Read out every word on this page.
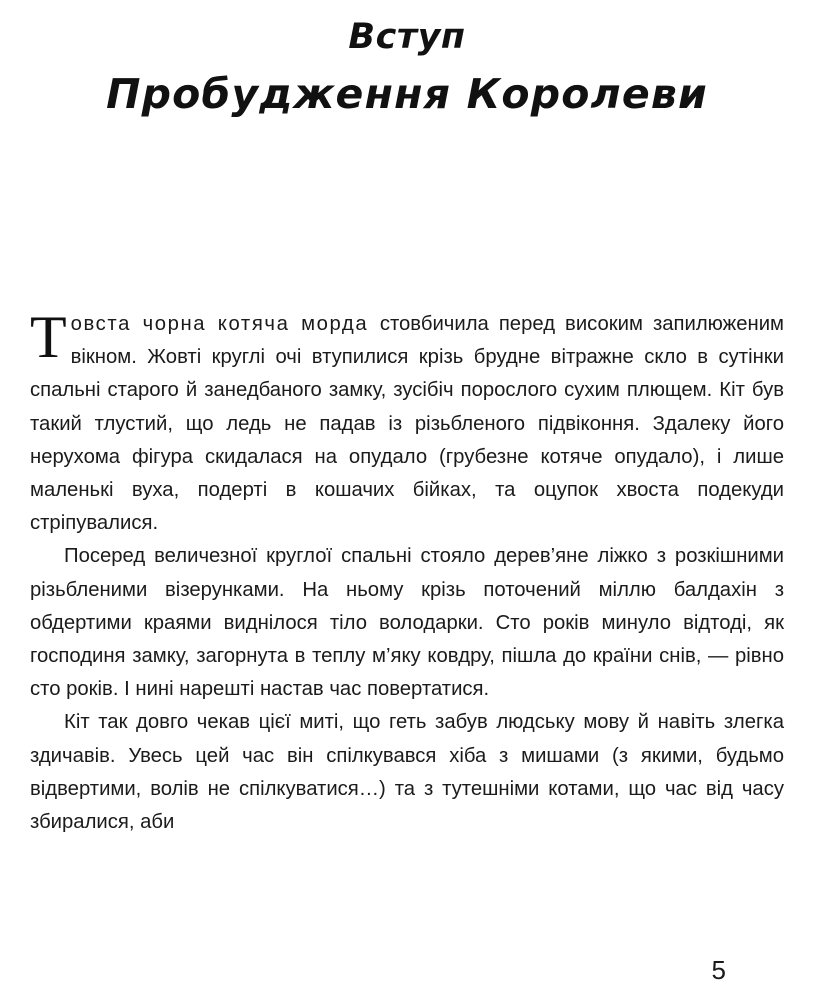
Вступ
Пробудження Королеви

Товста чорна котяча морда стовбичила перед високим запилюженим вікном. Жовті круглі очі втупилися крізь брудне вітражне скло в сутінки спальні старого й занедбаного замку, зусібіч порослого сухим плющем. Кіт був такий тлустий, що ледь не падав із різьбленого підвіконня. Здалеку його нерухома фігура скидалася на опудало (грубезне котяче опудало), і лише маленькі вуха, подерті в кошачих бійках, та оцупок хвоста подекуди стріпувалися.

Посеред величезної круглої спальні стояло дерев’яне ліжко з розкішними різьбленими візерунками. На ньому крізь поточений міллю балдахін з обдертими краями виднілося тіло володарки. Сто років минуло відтоді, як господиня замку, загорнута в теплу м’яку ковдру, пішла до країни снів, — рівно сто років. І нині нарешті настав час повертатися.

Кіт так довго чекав цієї миті, що геть забув людську мову й навіть злегка здичавів. Увесь цей час він спілкувався хіба з мишами (з якими, будьмо відвертими, волів не спілкуватися…) та з тутешніми котами, що час від часу збиралися, аби

5
